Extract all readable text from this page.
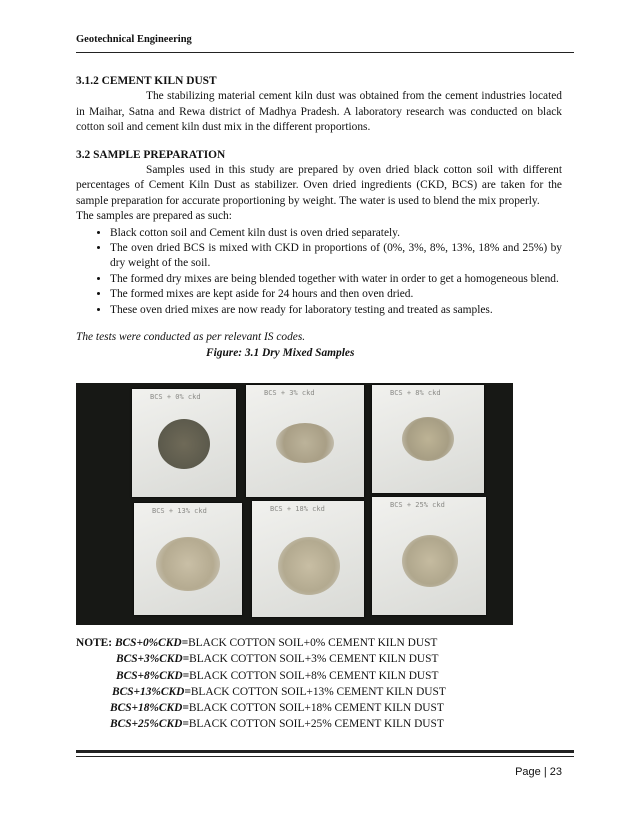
Geotechnical Engineering

3.1.2 CEMENT KILN DUST

The stabilizing material cement kiln dust was obtained from the cement industries located in Maihar, Satna and Rewa district of Madhya Pradesh. A laboratory research was conducted on black cotton soil and cement kiln dust mix in the different proportions.

3.2 SAMPLE PREPARATION

Samples used in this study are prepared by oven dried black cotton soil with different percentages of Cement Kiln Dust as stabilizer. Oven dried ingredients (CKD, BCS) are taken for the sample preparation for accurate proportioning by weight. The water is used to blend the mix properly.

The samples are prepared as such:

• Black cotton soil and Cement kiln dust is oven dried separately.
• The oven dried BCS is mixed with CKD in proportions of (0%, 3%, 8%, 13%, 18% and 25%) by dry weight of the soil.
• The formed dry mixes are being blended together with water in order to get a homogeneous blend.
• The formed mixes are kept aside for 24 hours and then oven dried.
• These oven dried mixes are now ready for laboratory testing and treated as samples.

The tests were conducted as per relevant IS codes.

Figure: 3.1 Dry Mixed Samples

BCS + 0% ckd	BCS + 3% ckd	BCS + 8% ckd
BCS + 13% ckd	BCS + 18% ckd	BCS + 25% ckd
NOTE: BCS+0%CKD=BLACK COTTON SOIL+0% CEMENT KILN DUST
BCS+3%CKD=BLACK COTTON SOIL+3% CEMENT KILN DUST
BCS+8%CKD=BLACK COTTON SOIL+8% CEMENT KILN DUST
BCS+13%CKD=BLACK COTTON SOIL+13% CEMENT KILN DUST
BCS+18%CKD=BLACK COTTON SOIL+18% CEMENT KILN DUST
BCS+25%CKD=BLACK COTTON SOIL+25% CEMENT KILN DUST
Page | 23
